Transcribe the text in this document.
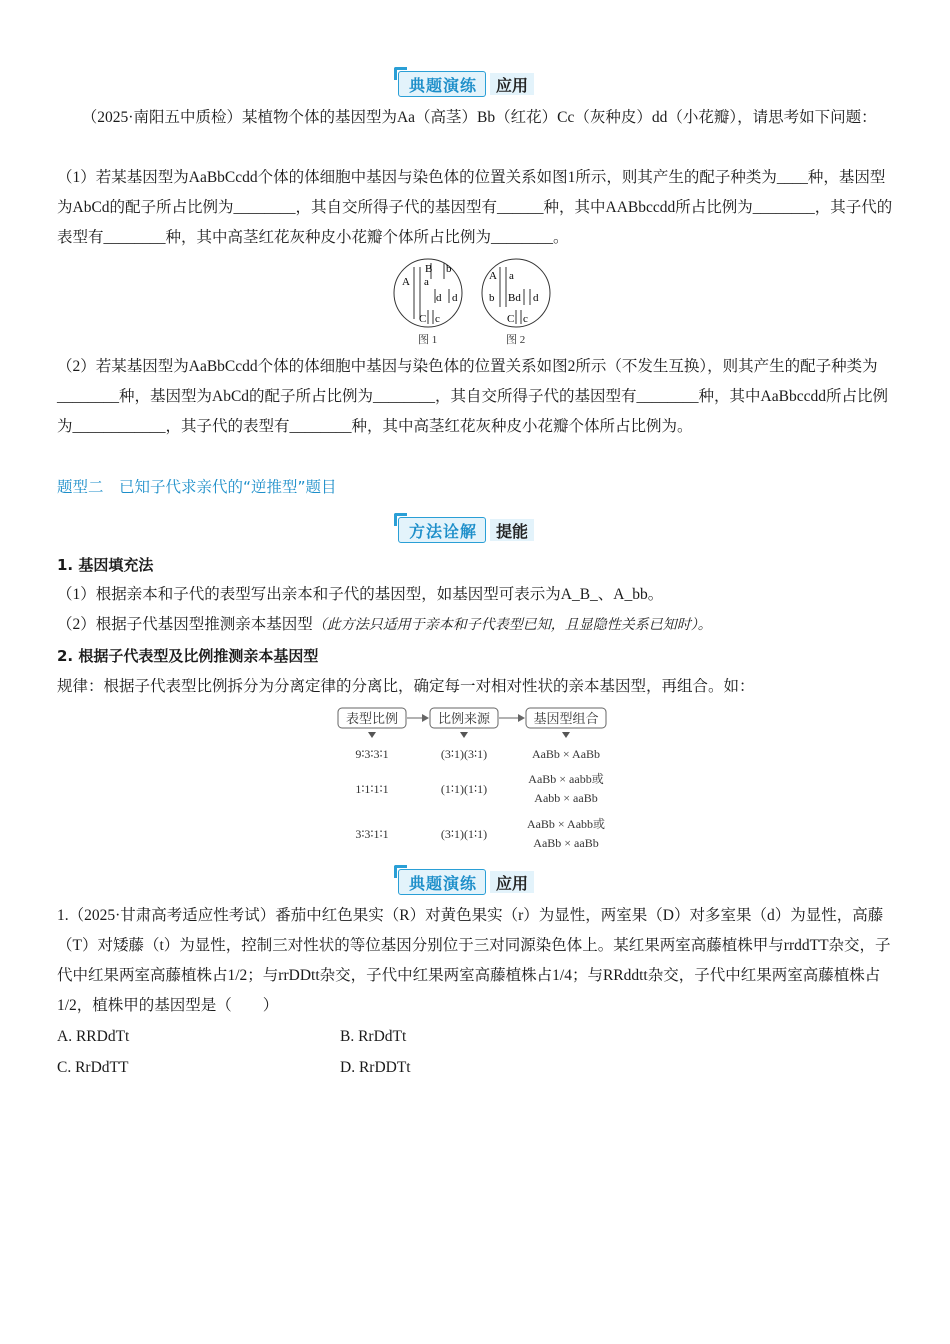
典题演练	应用

（2025·南阳五中质检）某植物个体的基因型为Aa（高茎）Bb（红花）Cc（灰种皮）dd（小花瓣），请思考如下问题：

（1）若某基因型为AaBbCcdd个体的体细胞中基因与染色体的位置关系如图1所示，则其产生的配子种类为____种，基因型为AbCd的配子所占比例为________，其自交所得子代的基因型有______种，其中AABbccdd所占比例为________，其子代的表型有________种，其中高茎红花灰种皮小花瓣个体所占比例为________。

A a
B b
d d
C c
图 1
A a
b Bd d
C c
图 2

（2）若某基因型为AaBbCcdd个体的体细胞中基因与染色体的位置关系如图2所示（不发生互换），则其产生的配子种类为________种，基因型为AbCd的配子所占比例为________，其自交所得子代的基因型有________种，其中AaBbccdd所占比例为____________，其子代的表型有________种，其中高茎红花灰种皮小花瓣个体所占比例为。

题型二　已知子代求亲代的“逆推型”题目
方法诠解	提能

1. 基因填充法

（1）根据亲本和子代的表型写出亲本和子代的基因型，如基因型可表示为A_B_、A_bb。

（2）根据子代基因型推测亲本基因型（此方法只适用于亲本和子代表型已知，且显隐性关系已知时）。

2. 根据子代表型及比例推测亲本基因型

规律：根据子代表型比例拆分为分离定律的分离比，确定每一对相对性状的亲本基因型，再组合。如：

表型比例	比例来源	基因型组合
9∶3∶3∶1	(3∶1)(3∶1)	AaBb × AaBb
1∶1∶1∶1	(1∶1)(1∶1)
AaBb × aabb或
Aabb × aaBb
3∶3∶1∶1	(3∶1)(1∶1)
AaBb × Aabb或
AaBb × aaBb
典题演练	应用

1.（2025·甘肃高考适应性考试）番茄中红色果实（R）对黄色果实（r）为显性，两室果（D）对多室果（d）为显性，高藤（T）对矮藤（t）为显性，控制三对性状的等位基因分别位于三对同源染色体上。某红果两室高藤植株甲与rrddTT杂交，子代中红果两室高藤植株占1/2；与rrDDtt杂交，子代中红果两室高藤植株占1/4；与RRddtt杂交，子代中红果两室高藤植株占1/2，植株甲的基因型是（　　）

A. RRDdTt	B. RrDdTt
C. RrDdTT	D. RrDDTt
